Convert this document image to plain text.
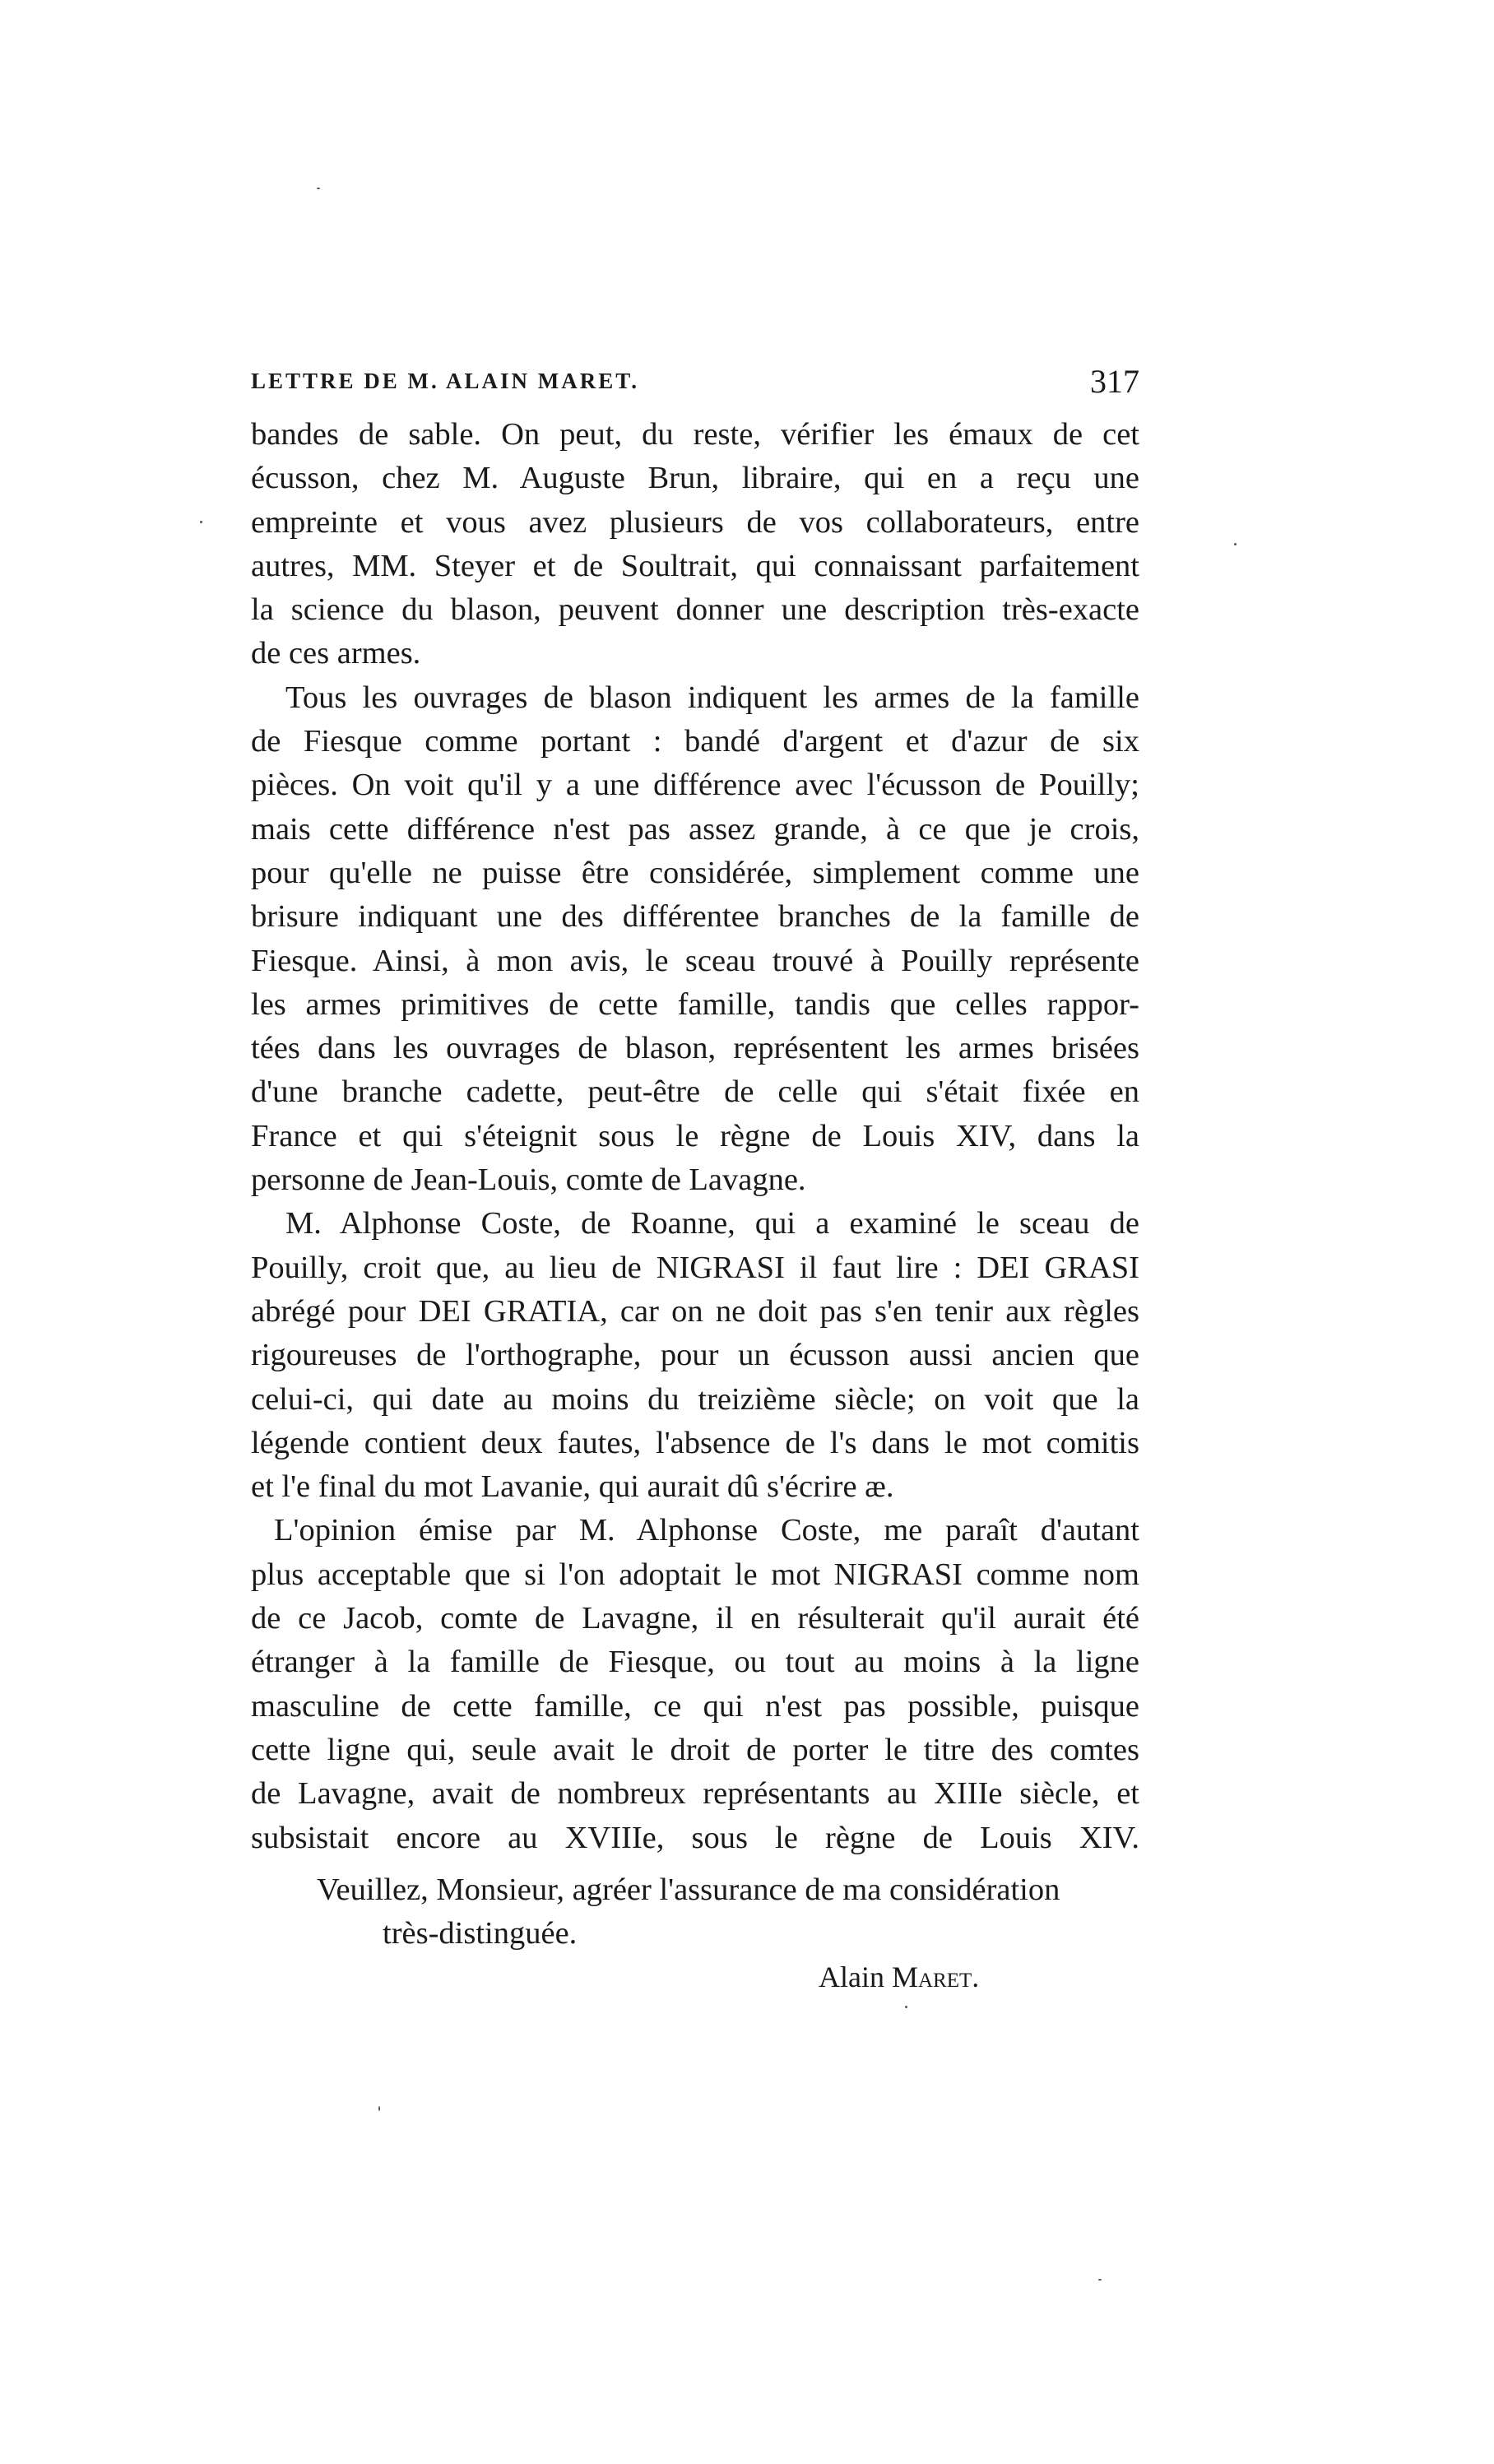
317
LETTRE DE M. ALAIN MARET.

bandes de sable. On peut, du reste, vérifier les émaux de cet
écusson, chez M. Auguste Brun, libraire, qui en a reçu une
empreinte et vous avez plusieurs de vos collaborateurs, entre
autres, MM. Steyer et de Soultrait, qui connaissant parfaitement
la science du blason, peuvent donner une description très-exacte
de ces armes.

Tous les ouvrages de blason indiquent les armes de la famille
de Fiesque comme portant : bandé d'argent et d'azur de six
pièces. On voit qu'il y a une différence avec l'écusson de Pouilly;
mais cette différence n'est pas assez grande, à ce que je crois,
pour qu'elle ne puisse être considérée, simplement comme une
brisure indiquant une des différentee branches de la famille de
Fiesque. Ainsi, à mon avis, le sceau trouvé à Pouilly représente
les armes primitives de cette famille, tandis que celles rappor-
tées dans les ouvrages de blason, représentent les armes brisées
d'une branche cadette, peut-être de celle qui s'était fixée en
France et qui s'éteignit sous le règne de Louis XIV, dans la
personne de Jean-Louis, comte de Lavagne.

M. Alphonse Coste, de Roanne, qui a examiné le sceau de
Pouilly, croit que, au lieu de NIGRASI il faut lire : DEI GRASI
abrégé pour DEI GRATIA, car on ne doit pas s'en tenir aux règles
rigoureuses de l'orthographe, pour un écusson aussi ancien que
celui-ci, qui date au moins du treizième siècle; on voit que la
légende contient deux fautes, l'absence de l's dans le mot comitis
et l'e final du mot Lavanie, qui aurait dû s'écrire æ.

L'opinion émise par M. Alphonse Coste, me paraît d'autant
plus acceptable que si l'on adoptait le mot NIGRASI comme nom
de ce Jacob, comte de Lavagne, il en résulterait qu'il aurait été
étranger à la famille de Fiesque, ou tout au moins à la ligne
masculine de cette famille, ce qui n'est pas possible, puisque
cette ligne qui, seule avait le droit de porter le titre des comtes
de Lavagne, avait de nombreux représentants au XIIIe siècle, et
subsistait encore au XVIIIe, sous le règne de Louis XIV.

Veuillez, Monsieur, agréer l'assurance de ma considération
très-distinguée.
Alain Maret.
